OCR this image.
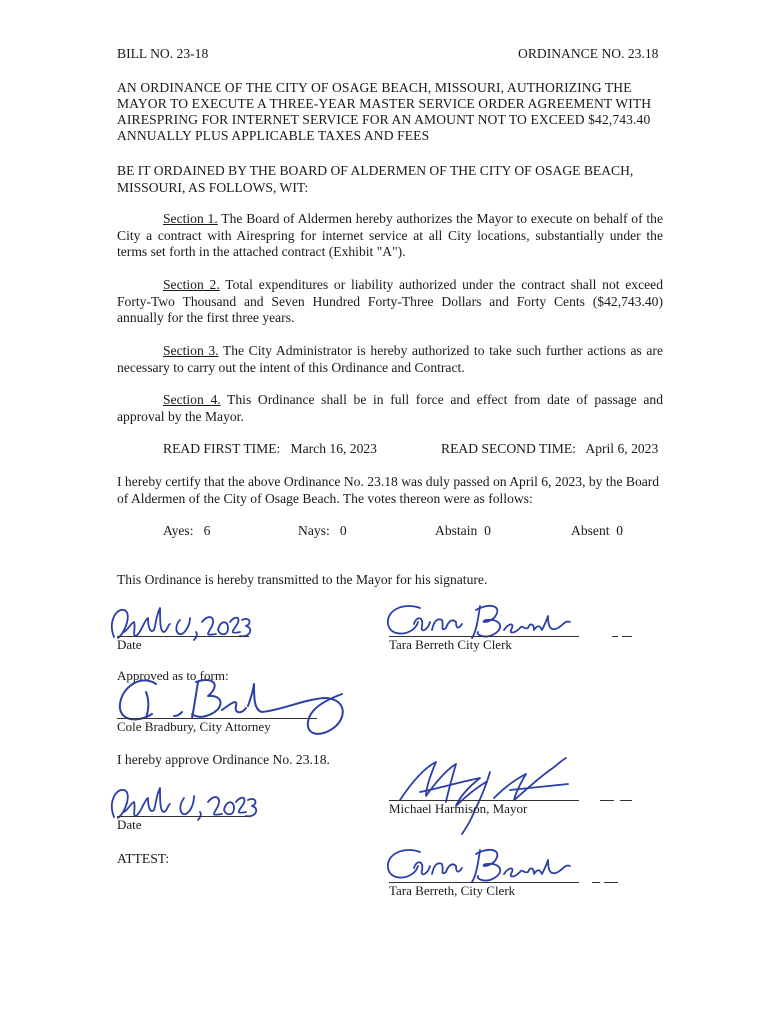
BILL NO. 23-18	ORDINANCE NO. 23.18
AN ORDINANCE OF THE CITY OF OSAGE BEACH, MISSOURI, AUTHORIZING THE MAYOR TO EXECUTE A THREE-YEAR MASTER SERVICE ORDER AGREEMENT WITH AIRESPRING FOR INTERNET SERVICE FOR AN AMOUNT NOT TO EXCEED $42,743.40 ANNUALLY PLUS APPLICABLE TAXES AND FEES
BE IT ORDAINED BY THE BOARD OF ALDERMEN OF THE CITY OF OSAGE BEACH, MISSOURI, AS FOLLOWS, WIT:
Section 1. The Board of Aldermen hereby authorizes the Mayor to execute on behalf of the City a contract with Airespring for internet service at all City locations, substantially under the terms set forth in the attached contract (Exhibit "A").
Section 2. Total expenditures or liability authorized under the contract shall not exceed Forty-Two Thousand and Seven Hundred Forty-Three Dollars and Forty Cents ($42,743.40) annually for the first three years.
Section 3. The City Administrator is hereby authorized to take such further actions as are necessary to carry out the intent of this Ordinance and Contract.
Section 4. This Ordinance shall be in full force and effect from date of passage and approval by the Mayor.
READ FIRST TIME:   March 16, 2023	READ SECOND TIME:   April 6, 2023
I hereby certify that the above Ordinance No. 23.18 was duly passed on April 6, 2023, by the Board of Aldermen of the City of Osage Beach. The votes thereon were as follows:
Ayes:   6	Nays:   0	Abstain  0	Absent  0
This Ordinance is hereby transmitted to the Mayor for his signature.
Date	Tara Berreth City Clerk
Approved as to form:
Cole Bradbury, City Attorney
I hereby approve Ordinance No. 23.18.
Date
Michael Harmison, Mayor
ATTEST:
Tara Berreth, City Clerk
